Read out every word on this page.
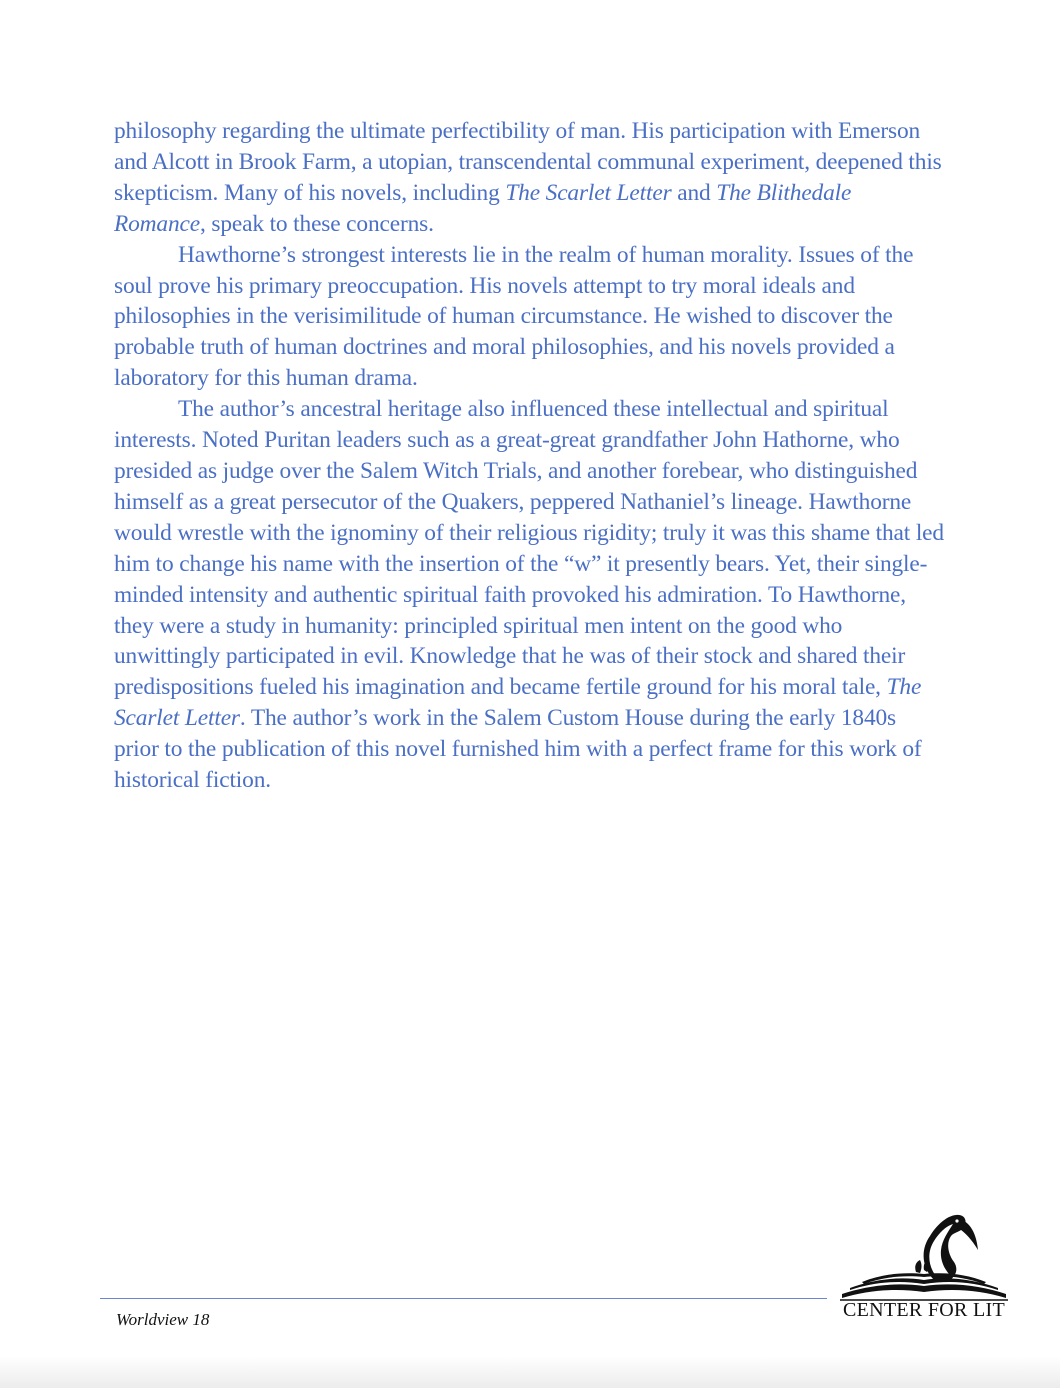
philosophy regarding the ultimate perfectibility of man. His participation with Emerson and Alcott in Brook Farm, a utopian, transcendental communal experiment, deepened this skepticism. Many of his novels, including The Scarlet Letter and The Blithedale Romance, speak to these concerns.

Hawthorne’s strongest interests lie in the realm of human morality. Issues of the soul prove his primary preoccupation. His novels attempt to try moral ideals and philosophies in the verisimilitude of human circumstance. He wished to discover the probable truth of human doctrines and moral philosophies, and his novels provided a laboratory for this human drama.

The author’s ancestral heritage also influenced these intellectual and spiritual interests. Noted Puritan leaders such as a great-great grandfather John Hathorne, who presided as judge over the Salem Witch Trials, and another forebear, who distinguished himself as a great persecutor of the Quakers, peppered Nathaniel’s lineage. Hawthorne would wrestle with the ignominy of their religious rigidity; truly it was this shame that led him to change his name with the insertion of the “w” it presently bears. Yet, their single-minded intensity and authentic spiritual faith provoked his admiration. To Hawthorne, they were a study in humanity: principled spiritual men intent on the good who unwittingly participated in evil. Knowledge that he was of their stock and shared their predispositions fueled his imagination and became fertile ground for his moral tale, The Scarlet Letter. The author’s work in the Salem Custom House during the early 1840s prior to the publication of this novel furnished him with a perfect frame for this work of historical fiction.

Worldview 18	CENTER FOR LIT
